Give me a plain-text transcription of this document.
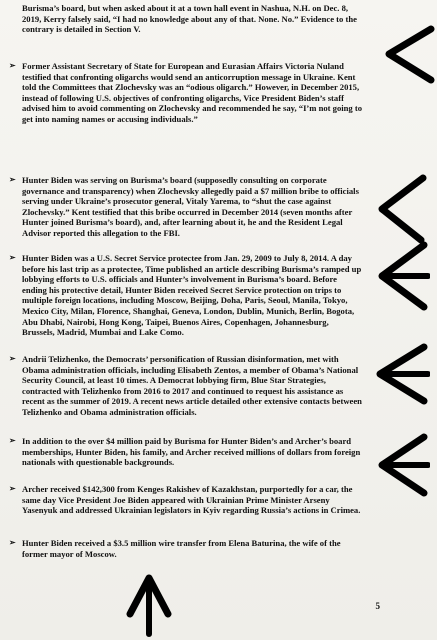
Burisma’s board, but when asked about it at a town hall event in Nashua, N.H. on Dec. 8, 2019, Kerry falsely said, “I had no knowledge about any of that. None. No.” Evidence to the contrary is detailed in Section V.
➢ Former Assistant Secretary of State for European and Eurasian Affairs Victoria Nuland testified that confronting oligarchs would send an anticorruption message in Ukraine. Kent told the Committees that Zlochevsky was an “odious oligarch.” However, in December 2015, instead of following U.S. objectives of confronting oligarchs, Vice President Biden’s staff advised him to avoid commenting on Zlochevsky and recommended he say, “I’m not going to get into naming names or accusing individuals.”
➢ Hunter Biden was serving on Burisma’s board (supposedly consulting on corporate governance and transparency) when Zlochevsky allegedly paid a $7 million bribe to officials serving under Ukraine’s prosecutor general, Vitaly Yarema, to “shut the case against Zlochevsky.” Kent testified that this bribe occurred in December 2014 (seven months after Hunter joined Burisma’s board), and, after learning about it, he and the Resident Legal Advisor reported this allegation to the FBI.
➢ Hunter Biden was a U.S. Secret Service protectee from Jan. 29, 2009 to July 8, 2014. A day before his last trip as a protectee, Time published an article describing Burisma’s ramped up lobbying efforts to U.S. officials and Hunter’s involvement in Burisma’s board. Before ending his protective detail, Hunter Biden received Secret Service protection on trips to multiple foreign locations, including Moscow, Beijing, Doha, Paris, Seoul, Manila, Tokyo, Mexico City, Milan, Florence, Shanghai, Geneva, London, Dublin, Munich, Berlin, Bogota, Abu Dhabi, Nairobi, Hong Kong, Taipei, Buenos Aires, Copenhagen, Johannesburg, Brussels, Madrid, Mumbai and Lake Como.
➢ Andrii Telizhenko, the Democrats’ personification of Russian disinformation, met with Obama administration officials, including Elisabeth Zentos, a member of Obama’s National Security Council, at least 10 times. A Democrat lobbying firm, Blue Star Strategies, contracted with Telizhenko from 2016 to 2017 and continued to request his assistance as recent as the summer of 2019. A recent news article detailed other extensive contacts between Telizhenko and Obama administration officials.
➢ In addition to the over $4 million paid by Burisma for Hunter Biden’s and Archer’s board memberships, Hunter Biden, his family, and Archer received millions of dollars from foreign nationals with questionable backgrounds.
➢ Archer received $142,300 from Kenges Rakishev of Kazakhstan, purportedly for a car, the same day Vice President Joe Biden appeared with Ukrainian Prime Minister Arseny Yasenyuk and addressed Ukrainian legislators in Kyiv regarding Russia’s actions in Crimea.
➢ Hunter Biden received a $3.5 million wire transfer from Elena Baturina, the wife of the former mayor of Moscow.
5
